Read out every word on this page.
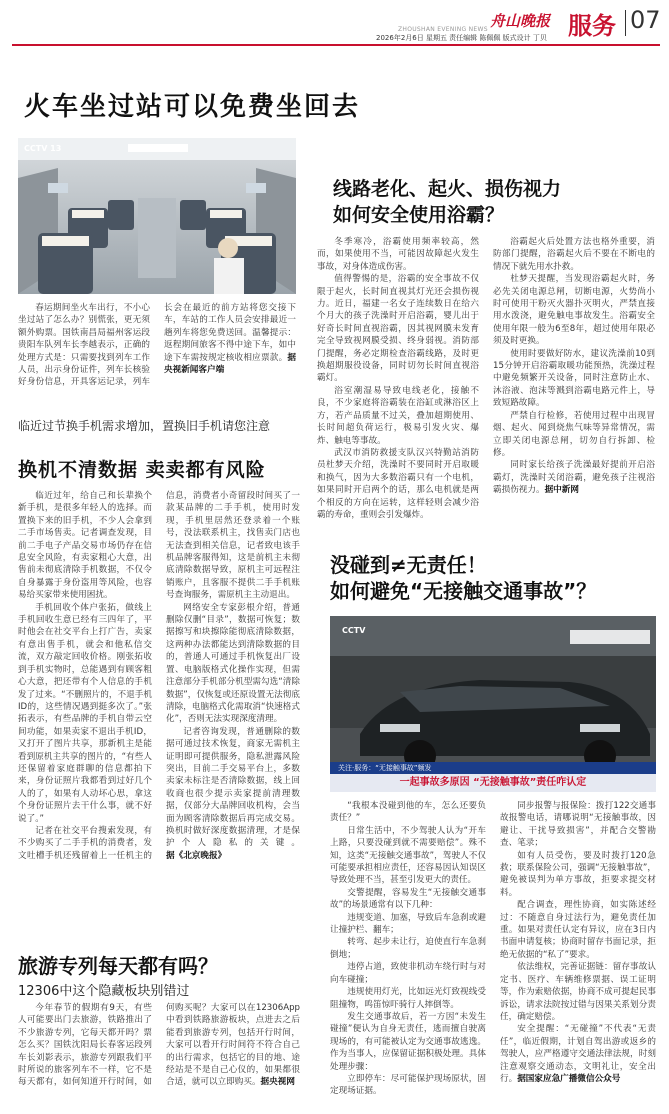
ZHOUSHAN EVENING NEWS 舟山晚报 服务 07
2026年2月6日 星期五 责任编辑 陈佩佩 版式设计 丁贝
火车坐过站可以免费坐回去
CCTV 13

春运期间坐火车出行，不小心坐过站了怎么办？别慌张，更无须额外购票。国铁南昌局福州客运段贵阳车队列车长李越表示，正确的处理方式是：只需要找到列车工作人员，出示身份证件，列车长核验好身份信息，开具客运记录，列车长会在最近的前方站将您交接下车，车站的工作人员会安排最近一趟列车将您免费送回。温馨提示：返程期间旅客不得中途下车，如中途下车需按规定核收相应票款。据央视新闻客户端

线路老化、起火、损伤视力
如何安全使用浴霸？

冬季寒冷，浴霸使用频率较高，然而，如果使用不当，可能因故障起火发生事故，对身体造成伤害。

值得警惕的是，浴霸的安全事故不仅限于起火，长时间直视其灯光还会损伤视力。近日，福建一名女子连续数日在给六个月大的孩子洗澡时开启浴霸，婴儿出于好奇长时间直视浴霸，因其视网膜未发育完全导致视网膜受损、终身弱视。消防部门提醒，务必定期检查浴霸线路，及时更换超期服役设备，同时切勿长时间直视浴霸灯。

浴室潮湿易导致电线老化，接触不良，不少家庭将浴霸装在浴缸或淋浴区上方，若产品质量不过关，叠加超期使用、长时间超负荷运行，极易引发火灾、爆炸、触电等事故。

武汉市消防救援支队汉兴特勤站消防员杜梦天介绍，洗澡时不要同时开启取暖和换气，因为大多数浴霸只有一个电机，如果同时开启两个的话，那么电机就是两个相反的方向在运转，这样轻则会减少浴霸的寿命，重则会引发爆炸。

浴霸起火后处置方法也格外重要，消防部门提醒，浴霸起火后不要在不断电的情况下就先用水扑救。

杜梦天提醒，当发现浴霸起火时，务必先关闭电源总闸，切断电源，火势尚小时可使用干粉灭火器扑灭明火，严禁直接用水泼浇，避免触电事故发生。浴霸安全使用年限一般为6至8年，超过使用年限必须及时更换。

使用时要做好防水，建议洗澡前10到15分钟开启浴霸取暖功能预热，洗澡过程中避免频繁开关设备，同时注意防止水、沐浴液、泡沫等溅到浴霸电路元件上，导致短路故障。

严禁自行检修，若使用过程中出现冒烟、起火、闻到烧焦气味等异常情况，需立即关闭电源总闸，切勿自行拆卸、检修。

同时家长给孩子洗澡最好提前开启浴霸灯，洗澡时关闭浴霸，避免孩子注视浴霸损伤视力。据中新网

临近过节换手机需求增加，置换旧手机请您注意
换机不清数据 卖卖都有风险

临近过年，给自己和长辈换个新手机，是很多年轻人的选择。而置换下来的旧手机，不少人会拿到二手市场售卖。记者调查发现，目前二手电子产品交易市场仍存在信息安全风险，有卖家粗心大意，出售前未彻底清除手机数据，不仅令自身暴露于身份盗用等风险，也容易给买家带来使用困扰。

手机回收个体户张拓，做线上手机回收生意已经有三四年了，平时他会在社交平台上打广告，卖家有意出售手机，就会和他私信交流，双方敲定回收价格。刚张拓收到手机实物时，总能遇到有顾客粗心大意，把还带有个人信息的手机发了过来。“不删照片的，不退手机ID的，这些情况遇到挺多次了。”张拓表示，有些品牌的手机自带云空间功能，如果卖家不退出手机ID，又打开了图片共享，那新机主是能看到原机主共享的图片的，“有些人还保留着家庭群聊的信息都拍下来，身份证照片我都看到过好几个人的了，如果有人动坏心思，拿这个身份证照片去干什么事，就不好说了。”

记者在社交平台搜索发现，有不少购买了二手手机的消费者，发文吐槽手机还残留着上一任机主的信息，消费者小奇留段时间买了一款某品牌的二手手机，使用时发现，手机里居然还登录着一个账号，没法联系机主，找售卖门店也无法查到相关信息，记者致电该手机品牌客服得知，这是前机主未彻底清除数据导致，原机主可远程注销账户，且客服不提供二手手机账号查询服务，需原机主主动退出。

网络安全专家彭根介绍，普通删除仅删“目录”，数据可恢复；数据擦写和块擦除能彻底清除数据，这两种办法都能达到清除数据的目的，普通人可通过手机恢复出厂设置、电脑版格式化操作实现，但需注意部分手机部分机型需勾选“清除数据”，仅恢复或还原设置无法彻底清除，电脑格式化需取消“快速格式化”，否则无法实现深度清理。

记者咨询发现，普通删除的数据可通过技术恢复，商家无需机主证明即可提供服务，隐私泄露风险突出，目前二手交易平台上，多数卖家未标注是否清除数据，线上回收商也很少提示卖家提前清理数据，仅部分大品牌回收机构，会当面为顾客清除数据后再完成交易。换机时做好深度数据清理，才是保护个人隐私的关键。据《北京晚报》

没碰到≠无责任！
如何避免“无接触交通事故”？
CCTV
关注·服务：“无接触事故”频发
一起事故多原因 “无接触事故”责任咋认定

“我根本没碰到他的车，怎么还要负责任？”

日常生活中，不少驾驶人认为“开车上路，只要没碰到就不需要赔偿”。殊不知，这类“无接触交通事故”，驾驶人不仅可能要承担相应责任，还容易因认知误区导致处理不当，甚至引发更大的责任。

交警提醒，容易发生“无接触交通事故”的场景通常有以下几种：

违规变道、加塞，导致后车急刹或避让撞护栏、翻车；

转弯、起步未让行，迫使直行车急刹倒地；

违停占道，致使非机动车绕行时与对向车碰撞；

违规使用灯光，比如远光灯致视线受阻撞物，鸣笛惊吓骑行人摔倒等。

发生交通事故后，若一方因“未发生碰撞”便认为自身无责任，逃而擅自驶离现场的，有可能被认定为交通事故逃逸。作为当事人，应保留证据积极处理。具体处理步骤：

立即停车：尽可能保护现场原状，固定现场证据。

同步报警与报保险：拨打122交通事故报警电话，请哪说明“无接触事故，因避让、干扰导致损害”，并配合交警勘查、笔录；

如有人员受伤，要及时拨打120急救；联系保险公司，强调“无接触事故”，避免被误判为单方事故，拒要求提交材料。

配合调查，理性协商，如实陈述经过：不随意自身过法行为，避免责任加重。如果对责任认定有异议，应在3日内书面申请复核；协商时留存书面记录，拒绝无依据的“私了”要求。

依法维权，完善证据链：留存事故认定书、医疗、车辆维修票据、误工证明等，作为索赔依据，协商不成可提起民事诉讼，请求法院按过错与因果关系划分责任，确定赔偿。

安全提醒：“无碰撞”不代表“无责任”，临近假期，计划自驾出游或返乡的驾驶人，应严格遵守交通法律法规，时刻注意观察交通动态，文明礼让，安全出行。据国家应急广播微信公众号

旅游专列每天都有吗？
12306中这个隐藏板块别错过

今年春节的假期有9天，有些人可能要出门去旅游，铁路推出了不少旅游专列，它每天都开吗？票怎么买？国铁沈阳局长春客运段列车长刘影表示，旅游专列跟我们平时所说的旅客列车不一样，它不是每天都有，如何知道开行时间，如何购买呢？大家可以在12306App中看到铁路旅游板块，点进去之后能看到旅游专列，包括开行时间，大家可以看开行时间符不符合自己的出行需求，包括它的目的地、途经站是不是自己心仪的，如果都很合适，就可以立即购买。据央视网
